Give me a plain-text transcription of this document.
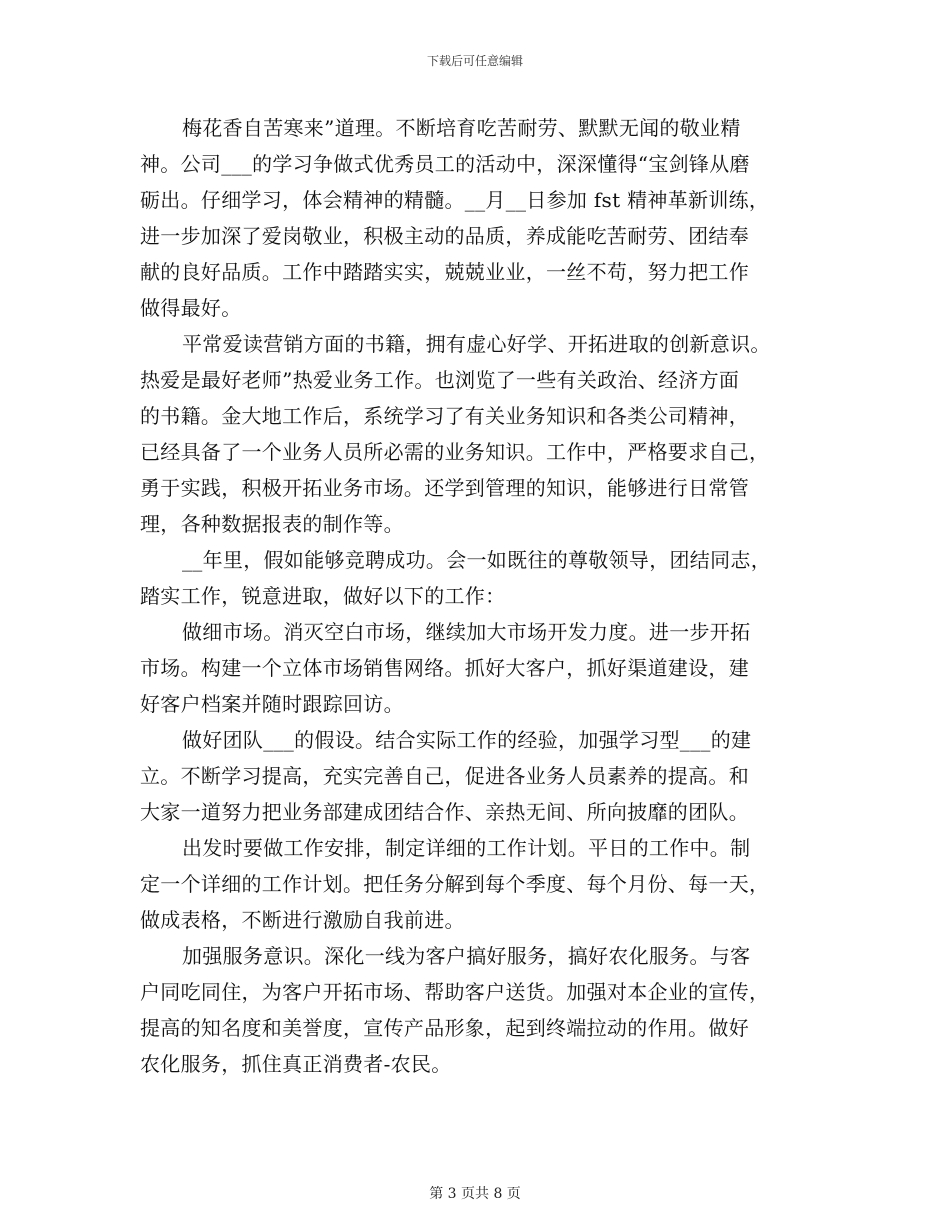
下载后可任意编辑
梅花香自苦寒来”道理。不断培育吃苦耐劳、默默无闻的敬业精
神。公司___的学习争做式优秀员工的活动中，深深懂得“宝剑锋从磨
砺出。仔细学习，体会精神的精髓。__月__日参加 fst 精神革新训练，
进一步加深了爱岗敬业，积极主动的品质，养成能吃苦耐劳、团结奉
献的良好品质。工作中踏踏实实，兢兢业业，一丝不苟，努力把工作
做得最好。
平常爱读营销方面的书籍，拥有虚心好学、开拓进取的创新意识。
热爱是最好老师”热爱业务工作。也浏览了一些有关政治、经济方面
的书籍。金大地工作后，系统学习了有关业务知识和各类公司精神，
已经具备了一个业务人员所必需的业务知识。工作中，严格要求自己，
勇于实践，积极开拓业务市场。还学到管理的知识，能够进行日常管
理，各种数据报表的制作等。
__年里，假如能够竞聘成功。会一如既往的尊敬领导，团结同志，
踏实工作，锐意进取，做好以下的工作：
做细市场。消灭空白市场，继续加大市场开发力度。进一步开拓
市场。构建一个立体市场销售网络。抓好大客户，抓好渠道建设，建
好客户档案并随时跟踪回访。
做好团队___的假设。结合实际工作的经验，加强学习型___的建
立。不断学习提高，充实完善自己，促进各业务人员素养的提高。和
大家一道努力把业务部建成团结合作、亲热无间、所向披靡的团队。
出发时要做工作安排，制定详细的工作计划。平日的工作中。制
定一个详细的工作计划。把任务分解到每个季度、每个月份、每一天，
做成表格，不断进行激励自我前进。
加强服务意识。深化一线为客户搞好服务，搞好农化服务。与客
户同吃同住，为客户开拓市场、帮助客户送货。加强对本企业的宣传，
提高的知名度和美誉度，宣传产品形象，起到终端拉动的作用。做好
农化服务，抓住真正消费者-农民。
第 3 页共 8 页
